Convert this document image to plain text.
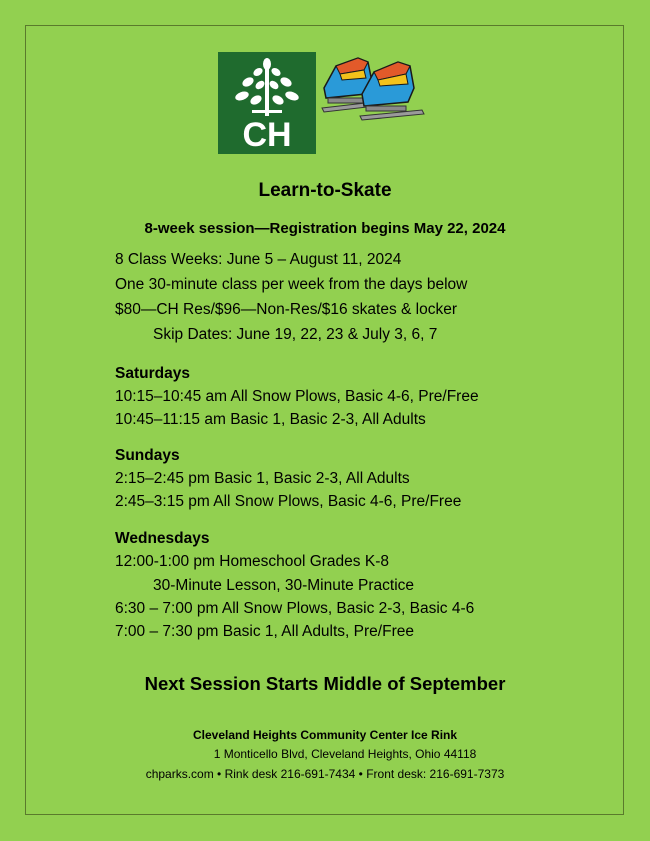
CH
Learn-to-Skate
8-week session—Registration begins May 22, 2024
8 Class Weeks: June 5 – August 11, 2024
One 30-minute class per week from the days below
$80—CH Res/$96—Non-Res/$16 skates & locker
Skip Dates: June 19, 22, 23 & July 3, 6, 7
Saturdays
10:15–10:45 am All Snow Plows, Basic 4-6, Pre/Free
10:45–11:15 am Basic 1, Basic 2-3, All Adults
Sundays
2:15–2:45 pm Basic 1, Basic 2-3, All Adults
2:45–3:15 pm All Snow Plows, Basic 4-6, Pre/Free
Wednesdays
12:00-1:00 pm Homeschool Grades K-8
30-Minute Lesson, 30-Minute Practice
6:30 – 7:00 pm All Snow Plows, Basic 2-3, Basic 4-6
7:00 – 7:30 pm Basic 1, All Adults, Pre/Free
Next Session Starts Middle of September
Cleveland Heights Community Center Ice Rink
1 Monticello Blvd, Cleveland Heights, Ohio 44118
chparks.com • Rink desk 216-691-7434 • Front desk: 216-691-7373
